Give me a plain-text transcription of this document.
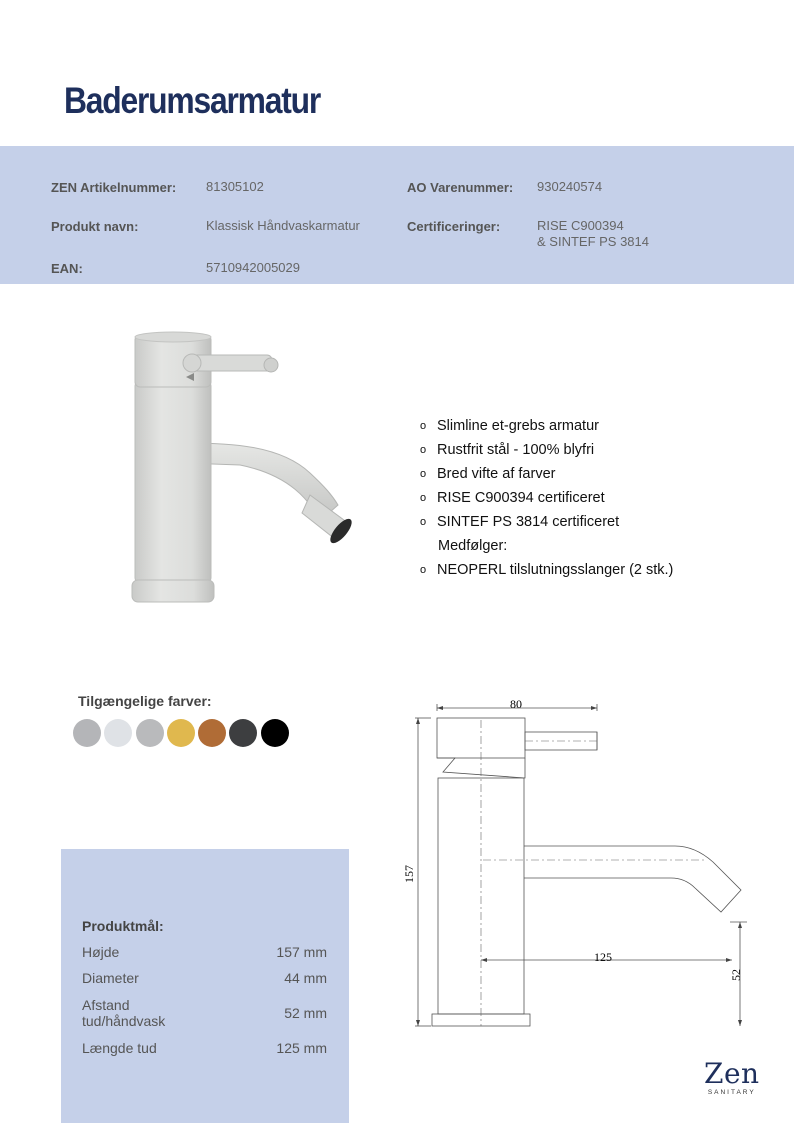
Baderumsarmatur
ZEN Artikelnummer: 81305102	AO Varenummer: 930240574
Produkt navn:	Klassisk Håndvaskarmatur	Certificeringer:	RISE C900394
& SINTEF PS 3814
EAN:	5710942005029
o Slimline et-grebs armatur
o Rustfrit stål - 100% blyfri
o Bred vifte af farver
o RISE C900394 certificeret
o SINTEF PS 3814 certificeret
Medfølger:
o NEOPERL tilslutningsslanger (2 stk.)
Tilgængelige farver:
Produktmål:
Højde	157 mm
Diameter	44 mm
Afstand
tud/håndvask	52 mm
Længde tud	125 mm
80
157
125
52
Zen
SANITARY
